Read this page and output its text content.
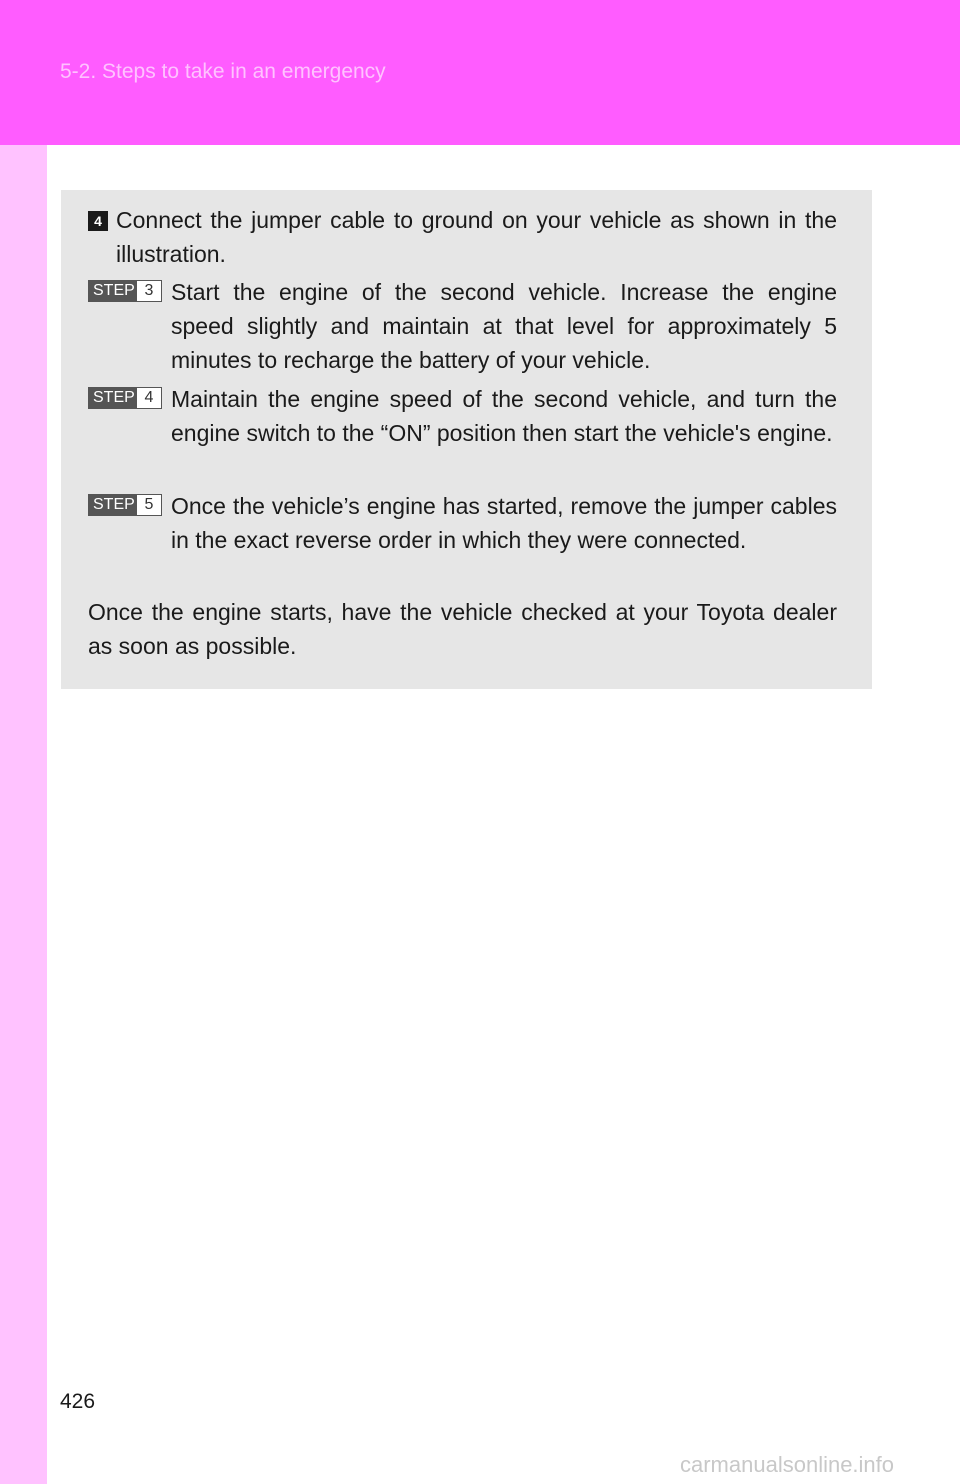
5-2. Steps to take in an emergency
4 Connect the jumper cable to ground on your vehicle as shown in the illustration.
STEP 3 Start the engine of the second vehicle. Increase the engine speed slightly and maintain at that level for approximately 5 minutes to recharge the battery of your vehicle.
STEP 4 Maintain the engine speed of the second vehicle, and turn the engine switch to the “ON” position then start the vehicle's engine.
STEP 5 Once the vehicle’s engine has started, remove the jumper cables in the exact reverse order in which they were connected.
Once the engine starts, have the vehicle checked at your Toyota dealer as soon as possible.
426
carmanualsonline.info
